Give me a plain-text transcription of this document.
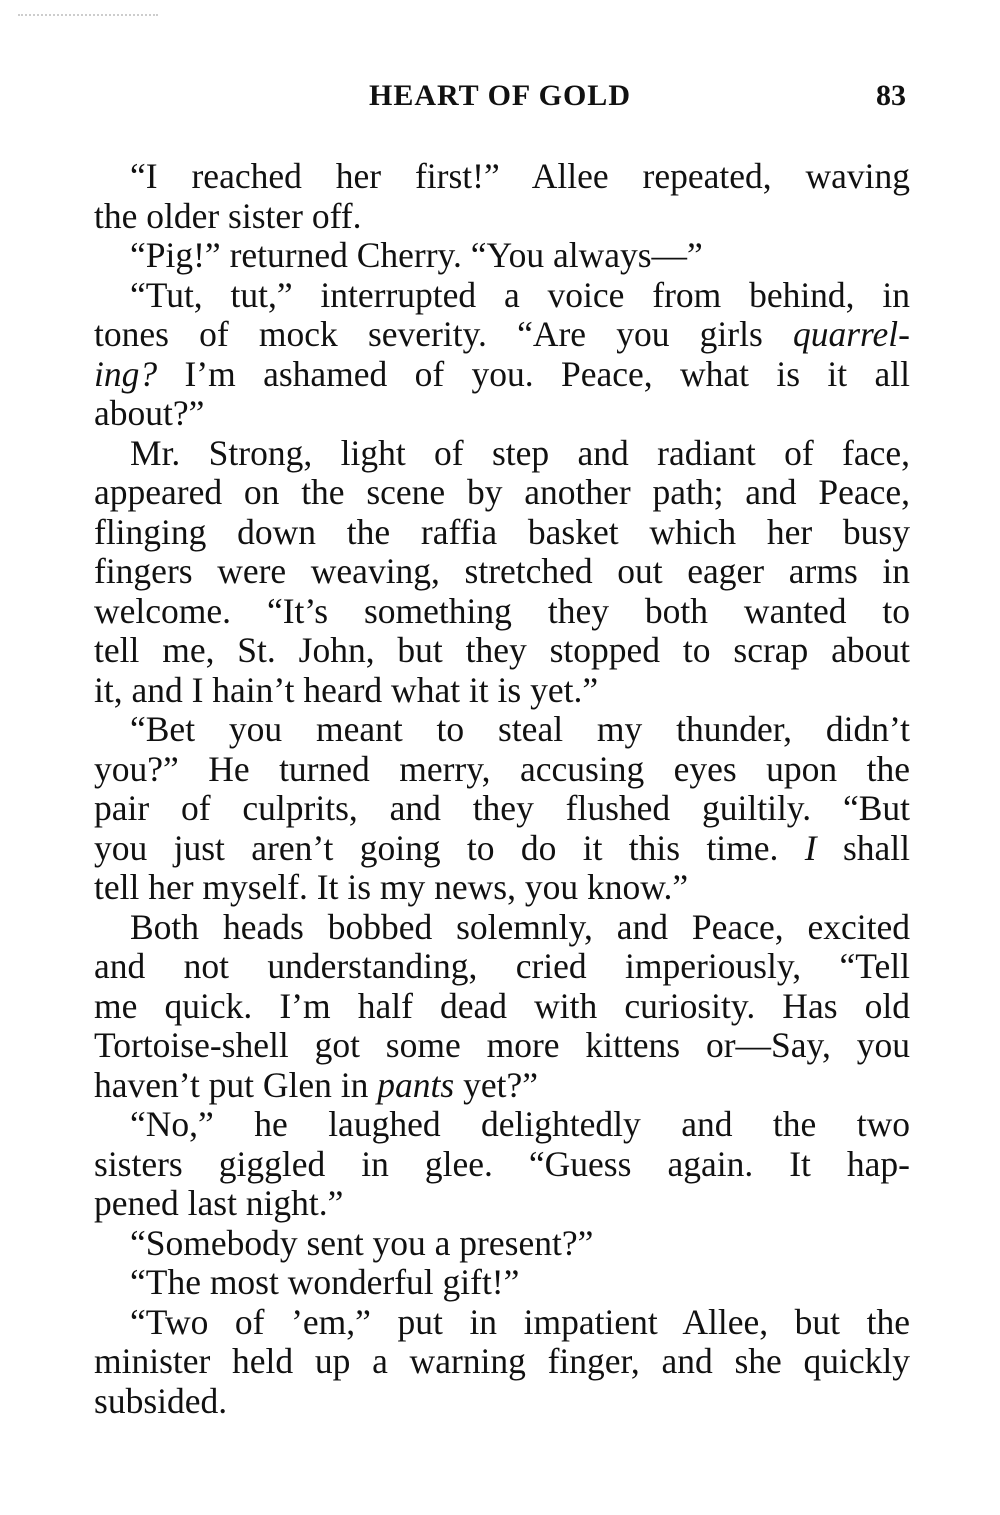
HEART OF GOLD	83

“I reached her first!” Allee repeated, waving
the older sister off.

“Pig!” returned Cherry. “You always—”

“Tut, tut,” interrupted a voice from behind, in
tones of mock severity. “Are you girls quarrel-
ing? I’m ashamed of you. Peace, what is it all
about?”

Mr. Strong, light of step and radiant of face,
appeared on the scene by another path; and Peace,
flinging down the raffia basket which her busy
fingers were weaving, stretched out eager arms in
welcome. “It’s something they both wanted to
tell me, St. John, but they stopped to scrap about
it, and I hain’t heard what it is yet.”

“Bet you meant to steal my thunder, didn’t
you?” He turned merry, accusing eyes upon the
pair of culprits, and they flushed guiltily. “But
you just aren’t going to do it this time. I shall
tell her myself. It is my news, you know.”

Both heads bobbed solemnly, and Peace, excited
and not understanding, cried imperiously, “Tell
me quick. I’m half dead with curiosity. Has old
Tortoise-shell got some more kittens or—Say, you
haven’t put Glen in pants yet?”

“No,” he laughed delightedly and the two
sisters giggled in glee. “Guess again. It hap-
pened last night.”

“Somebody sent you a present?”

“The most wonderful gift!”

“Two of ’em,” put in impatient Allee, but the
minister held up a warning finger, and she quickly
subsided.
